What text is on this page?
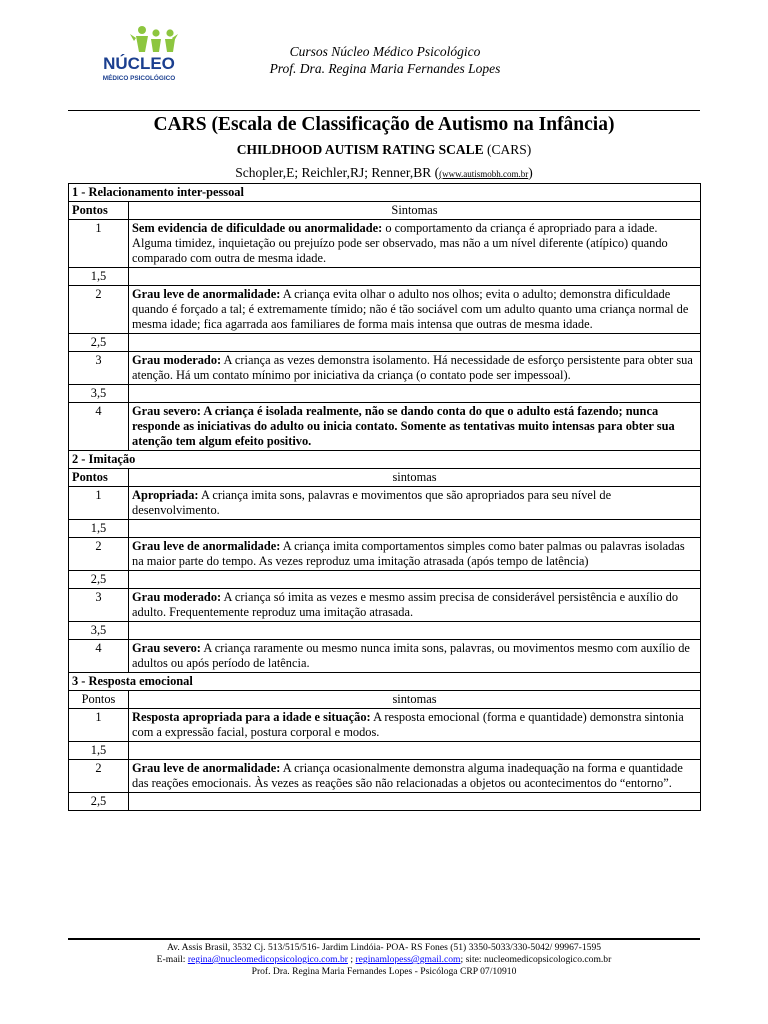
NÚCLEO
MÉDICO PSICOLÓGICO
Cursos Núcleo Médico Psicológico
Prof. Dra. Regina Maria Fernandes Lopes
CARS (Escala de Classificação de Autismo na Infância)
CHILDHOOD AUTISM RATING SCALE (CARS)
Schopler,E; Reichler,RJ; Renner,BR ((www.autismobh.com.br)
1 - Relacionamento inter-pessoal	
Pontos	Sintomas
1	Sem evidencia de dificuldade ou anormalidade: o comportamento da criança é apropriado para a idade. Alguma timidez, inquietação ou prejuízo pode ser observado, mas não a um nível diferente (atípico) quando comparado com outra de mesma idade.
1,5	
2	Grau leve de anormalidade: A criança evita olhar o adulto nos olhos; evita o adulto; demonstra dificuldade quando é forçado a tal; é extremamente tímido; não é tão sociável com um adulto quanto uma criança normal de mesma idade; fica agarrada aos familiares de forma mais intensa que outras de mesma idade.
2,5	
3	Grau moderado: A criança as vezes demonstra isolamento. Há necessidade de esforço persistente para obter sua atenção. Há um contato mínimo por iniciativa da criança (o contato pode ser impessoal).
3,5	
4	Grau severo: A criança é isolada realmente, não se dando conta do que o adulto está fazendo; nunca responde as iniciativas do adulto ou inicia contato. Somente as tentativas muito intensas para obter sua atenção tem algum efeito positivo.
2 - Imitação	
Pontos	sintomas
1	Apropriada: A criança imita sons, palavras e movimentos que são apropriados para seu nível de desenvolvimento.
1,5	
2	Grau leve de anormalidade: A criança imita comportamentos simples como bater palmas ou palavras isoladas na maior parte do tempo. As vezes reproduz uma imitação atrasada (após tempo de latência)
2,5	
3	Grau moderado: A criança só imita as vezes e mesmo assim precisa de considerável persistência e auxílio do adulto. Frequentemente reproduz uma imitação atrasada.
3,5	
4	Grau severo: A criança raramente ou mesmo nunca imita sons, palavras, ou movimentos mesmo com auxílio de adultos ou após período de latência.
3 - Resposta emocional	
Pontos	sintomas
1	Resposta apropriada para a idade e situação: A resposta emocional (forma e quantidade) demonstra sintonia com a expressão facial, postura corporal e modos.
1,5	
2	Grau leve de anormalidade: A criança ocasionalmente demonstra alguma inadequação na forma e quantidade das reações emocionais. Às vezes as reações são não relacionadas a objetos ou acontecimentos do “entorno”.
2,5	
Av. Assis Brasil, 3532 Cj. 513/515/516- Jardim Lindóia- POA- RS Fones (51) 3350-5033/330-5042/ 99967-1595
E-mail: regina@nucleomedicopsicologico.com.br ; reginamlopess@gmail.com; site: nucleomedicopsicologico.com.br
Prof. Dra. Regina Maria Fernandes Lopes - Psicóloga CRP 07/10910
